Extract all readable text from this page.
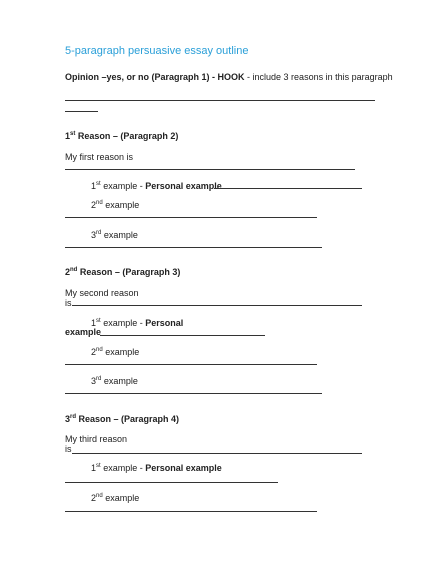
5-paragraph persuasive essay outline
Opinion –yes, or no (Paragraph 1) - HOOK - include 3 reasons in this paragraph
1st Reason – (Paragraph 2)
My first reason is
1st example - Personal example
2nd example
3rd example
2nd Reason – (Paragraph 3)
My second reason
is
1st example - Personal
example
2nd example
3rd example
3rd Reason – (Paragraph 4)
My third reason
is
1st example - Personal example
2nd example
